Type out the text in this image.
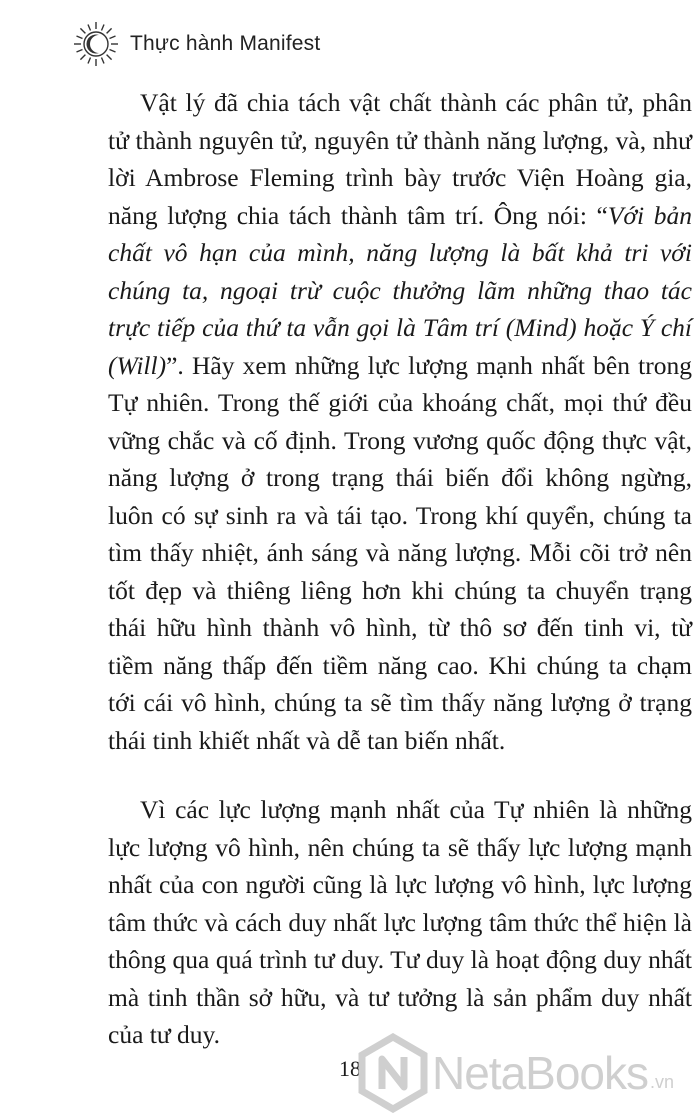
Thực hành Manifest

Vật lý đã chia tách vật chất thành các phân tử, phân tử thành nguyên tử, nguyên tử thành năng lượng, và, như lời Ambrose Fleming trình bày trước Viện Hoàng gia, năng lượng chia tách thành tâm trí. Ông nói: “Với bản chất vô hạn của mình, năng lượng là bất khả tri với chúng ta, ngoại trừ cuộc thưởng lãm những thao tác trực tiếp của thứ ta vẫn gọi là Tâm trí (Mind) hoặc Ý chí (Will)”. Hãy xem những lực lượng mạnh nhất bên trong Tự nhiên. Trong thế giới của khoáng chất, mọi thứ đều vững chắc và cố định. Trong vương quốc động thực vật, năng lượng ở trong trạng thái biến đổi không ngừng, luôn có sự sinh ra và tái tạo. Trong khí quyển, chúng ta tìm thấy nhiệt, ánh sáng và năng lượng. Mỗi cõi trở nên tốt đẹp và thiêng liêng hơn khi chúng ta chuyển trạng thái hữu hình thành vô hình, từ thô sơ đến tinh vi, từ tiềm năng thấp đến tiềm năng cao. Khi chúng ta chạm tới cái vô hình, chúng ta sẽ tìm thấy năng lượng ở trạng thái tinh khiết nhất và dễ tan biến nhất.

Vì các lực lượng mạnh nhất của Tự nhiên là những lực lượng vô hình, nên chúng ta sẽ thấy lực lượng mạnh nhất của con người cũng là lực lượng vô hình, lực lượng tâm thức và cách duy nhất lực lượng tâm thức thể hiện là thông qua quá trình tư duy. Tư duy là hoạt động duy nhất mà tinh thần sở hữu, và tư tưởng là sản phẩm duy nhất của tư duy.

18	NetaBooks .vn
